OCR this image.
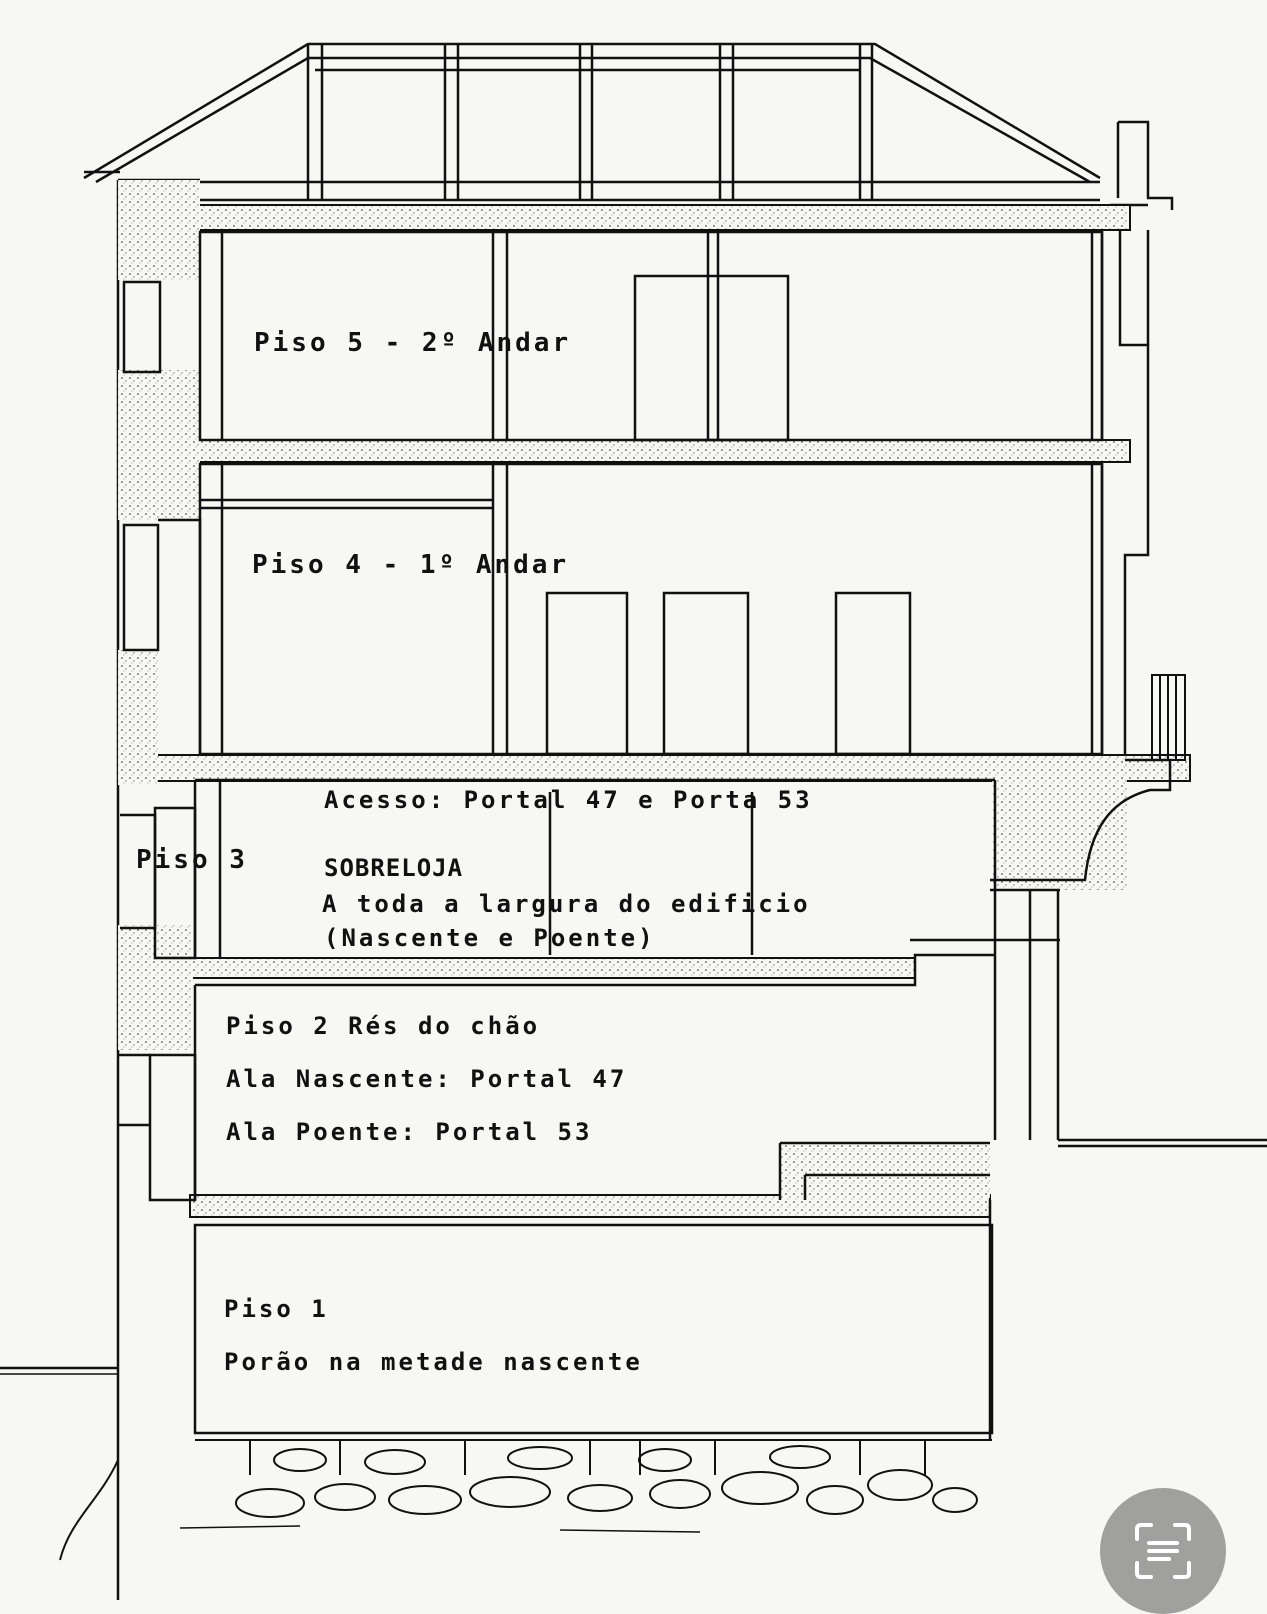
Piso 5 - 2º Andar
Piso 4 - 1º Andar
Acesso: Portal 47 e Porta 53
Piso 3	SOBRELOJA
A toda a largura do edificio
(Nascente e Poente)
Piso 2 Rés do chão
Ala Nascente: Portal 47
Ala Poente: Portal 53
Piso 1
Porão na metade nascente
